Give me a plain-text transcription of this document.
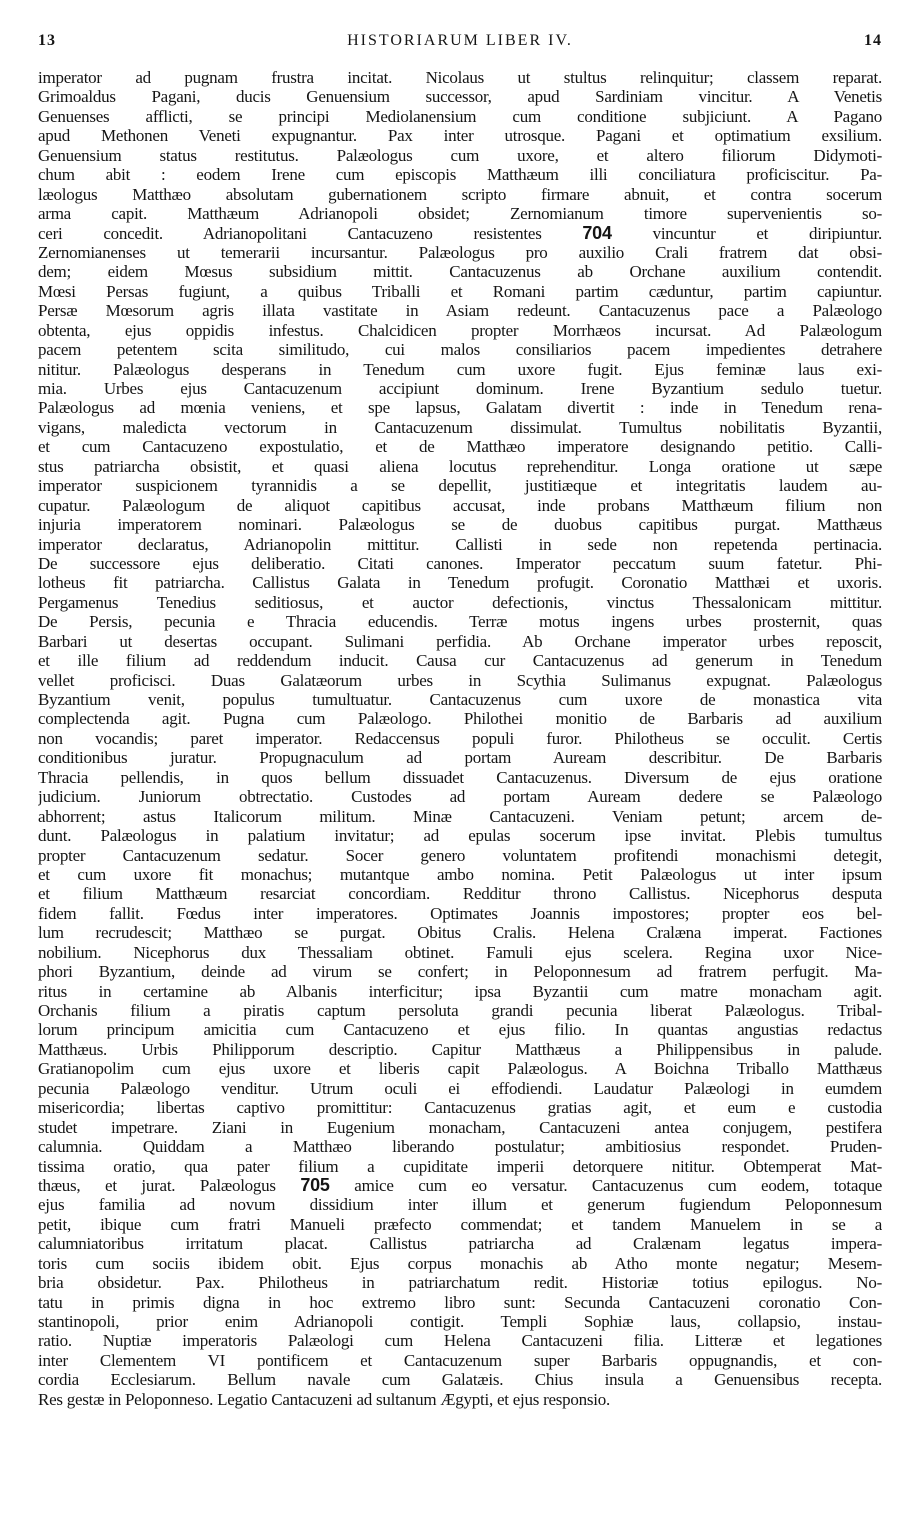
13	HISTORIARUM LIBER IV.	14
imperator ad pugnam frustra incitat. Nicolaus ut stultus relinquitur; classem reparat.
Grimoaldus Pagani, ducis Genuensium successor, apud Sardiniam vincitur. A Venetis
Genuenses afflicti, se principi Mediolanensium cum conditione subjiciunt. A Pagano
apud Methonen Veneti expugnantur. Pax inter utrosque. Pagani et optimatium exsilium.
Genuensium status restitutus. Palæologus cum uxore, et altero filiorum Didymoti-
chum abit : eodem Irene cum episcopis Matthæum illi conciliatura proficiscitur. Pa-
læologus Matthæo absolutam gubernationem scripto firmare abnuit, et contra socerum
arma capit. Matthæum Adrianopoli obsidet; Zernomianum timore supervenientis so-
ceri concedit. Adrianopolitani Cantacuzeno resistentes 704 vincuntur et diripiuntur.
Zernomianenses ut temerarii incursantur. Palæologus pro auxilio Crali fratrem dat obsi-
dem; eidem Mœsus subsidium mittit. Cantacuzenus ab Orchane auxilium contendit.
Mœsi Persas fugiunt, a quibus Triballi et Romani partim cæduntur, partim capiuntur.
Persæ Mœsorum agris illata vastitate in Asiam redeunt. Cantacuzenus pace a Palæologo
obtenta, ejus oppidis infestus. Chalcidicen propter Morrhæos incursat. Ad Palæologum
pacem petentem scita similitudo, cui malos consiliarios pacem impedientes detrahere
nititur. Palæologus desperans in Tenedum cum uxore fugit. Ejus feminæ laus exi-
mia. Urbes ejus Cantacuzenum accipiunt dominum. Irene Byzantium sedulo tuetur.
Palæologus ad mœnia veniens, et spe lapsus, Galatam divertit : inde in Tenedum rena-
vigans, maledicta vectorum in Cantacuzenum dissimulat. Tumultus nobilitatis Byzantii,
et cum Cantacuzeno expostulatio, et de Matthæo imperatore designando petitio. Calli-
stus patriarcha obsistit, et quasi aliena locutus reprehenditur. Longa oratione ut sæpe
imperator suspicionem tyrannidis a se depellit, justitiæque et integritatis laudem au-
cupatur. Palæologum de aliquot capitibus accusat, inde probans Matthæum filium non
injuria imperatorem nominari. Palæologus se de duobus capitibus purgat. Matthæus
imperator declaratus, Adrianopolin mittitur. Callisti in sede non repetenda pertinacia.
De successore ejus deliberatio. Citati canones. Imperator peccatum suum fatetur. Phi-
lotheus fit patriarcha. Callistus Galata in Tenedum profugit. Coronatio Matthæi et uxoris.
Pergamenus Tenedius seditiosus, et auctor defectionis, vinctus Thessalonicam mittitur.
De Persis, pecunia e Thracia educendis. Terræ motus ingens urbes prosternit, quas
Barbari ut desertas occupant. Sulimani perfidia. Ab Orchane imperator urbes reposcit,
et ille filium ad reddendum inducit. Causa cur Cantacuzenus ad generum in Tenedum
vellet proficisci. Duas Galatæorum urbes in Scythia Sulimanus expugnat. Palæologus
Byzantium venit, populus tumultuatur. Cantacuzenus cum uxore de monastica vita
complectenda agit. Pugna cum Palæologo. Philothei monitio de Barbaris ad auxilium
non vocandis; paret imperator. Redaccensus populi furor. Philotheus se occulit. Certis
conditionibus juratur. Propugnaculum ad portam Auream describitur. De Barbaris
Thracia pellendis, in quos bellum dissuadet Cantacuzenus. Diversum de ejus oratione
judicium. Juniorum obtrectatio. Custodes ad portam Auream dedere se Palæologo
abhorrent; astus Italicorum militum. Minæ Cantacuzeni. Veniam petunt; arcem de-
dunt. Palæologus in palatium invitatur; ad epulas socerum ipse invitat. Plebis tumultus
propter Cantacuzenum sedatur. Socer genero voluntatem profitendi monachismi detegit,
et cum uxore fit monachus; mutantque ambo nomina. Petit Palæologus ut inter ipsum
et filium Matthæum resarciat concordiam. Redditur throno Callistus. Nicephorus desputa
fidem fallit. Fœdus inter imperatores. Optimates Joannis impostores; propter eos bel-
lum recrudescit; Matthæo se purgat. Obitus Cralis. Helena Cralæna imperat. Factiones
nobilium. Nicephorus dux Thessaliam obtinet. Famuli ejus scelera. Regina uxor Nice-
phori Byzantium, deinde ad virum se confert; in Peloponnesum ad fratrem perfugit. Ma-
ritus in certamine ab Albanis interficitur; ipsa Byzantii cum matre monacham agit.
Orchanis filium a piratis captum persoluta grandi pecunia liberat Palæologus. Tribal-
lorum principum amicitia cum Cantacuzeno et ejus filio. In quantas angustias redactus
Matthæus. Urbis Philipporum descriptio. Capitur Matthæus a Philippensibus in palude.
Gratianopolim cum ejus uxore et liberis capit Palæologus. A Boichna Triballo Matthæus
pecunia Palæologo venditur. Utrum oculi ei effodiendi. Laudatur Palæologi in eumdem
misericordia; libertas captivo promittitur: Cantacuzenus gratias agit, et eum e custodia
studet impetrare. Ziani in Eugenium monacham, Cantacuzeni antea conjugem, pestifera
calumnia. Quiddam a Matthæo liberando postulatur; ambitiosius respondet. Pruden-
tissima oratio, qua pater filium a cupiditate imperii detorquere nititur. Obtemperat Mat-
thæus, et jurat. Palæologus 705 amice cum eo versatur. Cantacuzenus cum eodem, totaque
ejus familia ad novum dissidium inter illum et generum fugiendum Peloponnesum
petit, ibique cum fratri Manueli præfecto commendat; et tandem Manuelem in se a
calumniatoribus irritatum placat. Callistus patriarcha ad Cralænam legatus impera-
toris cum sociis ibidem obit. Ejus corpus monachis ab Atho monte negatur; Mesem-
bria obsidetur. Pax. Philotheus in patriarchatum redit. Historiæ totius epilogus. No-
tatu in primis digna in hoc extremo libro sunt: Secunda Cantacuzeni coronatio Con-
stantinopoli, prior enim Adrianopoli contigit. Templi Sophiæ laus, collapsio, instau-
ratio. Nuptiæ imperatoris Palæologi cum Helena Cantacuzeni filia. Litteræ et legationes
inter Clementem VI pontificem et Cantacuzenum super Barbaris oppugnandis, et con-
cordia Ecclesiarum. Bellum navale cum Galatæis. Chius insula a Genuensibus recepta.
Res gestæ in Peloponneso. Legatio Cantacuzeni ad sultanum Ægypti, et ejus responsio.
